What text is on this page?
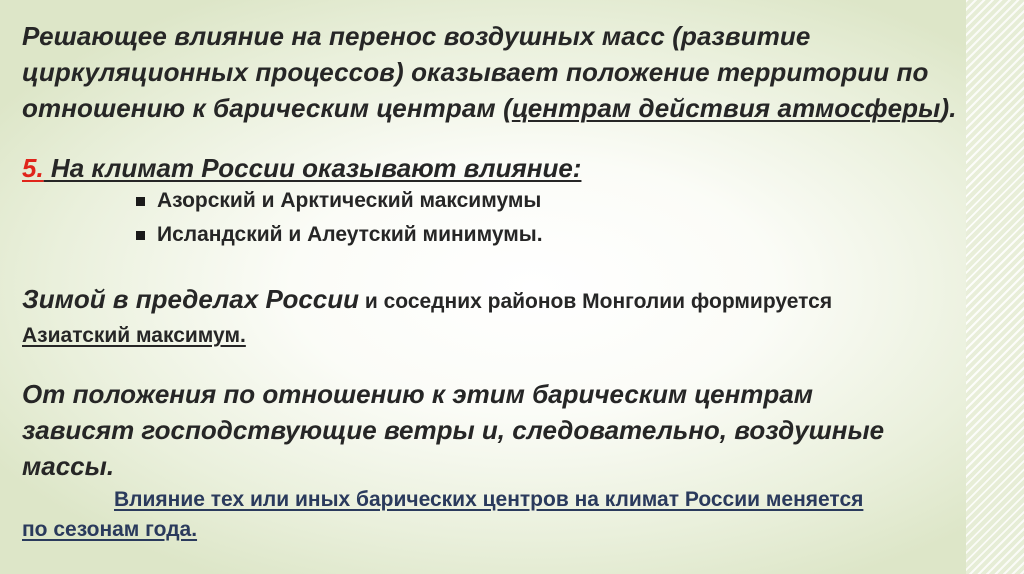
Решающее влияние на перенос воздушных масс (развитие
циркуляционных процессов) оказывает положение территории по
отношению к барическим центрам (центрам действия атмосферы).
5. На климат России оказывают влияние:
Азорский и Арктический максимумы
Исландский и Алеутский минимумы.
Зимой в пределах России и соседних районов Монголии формируется
Азиатский максимум.
От положения по отношению к этим барическим центрам
зависят господствующие ветры и, следовательно, воздушные
массы.
Влияние тех или иных барических центров на климат России меняется
по сезонам года.
